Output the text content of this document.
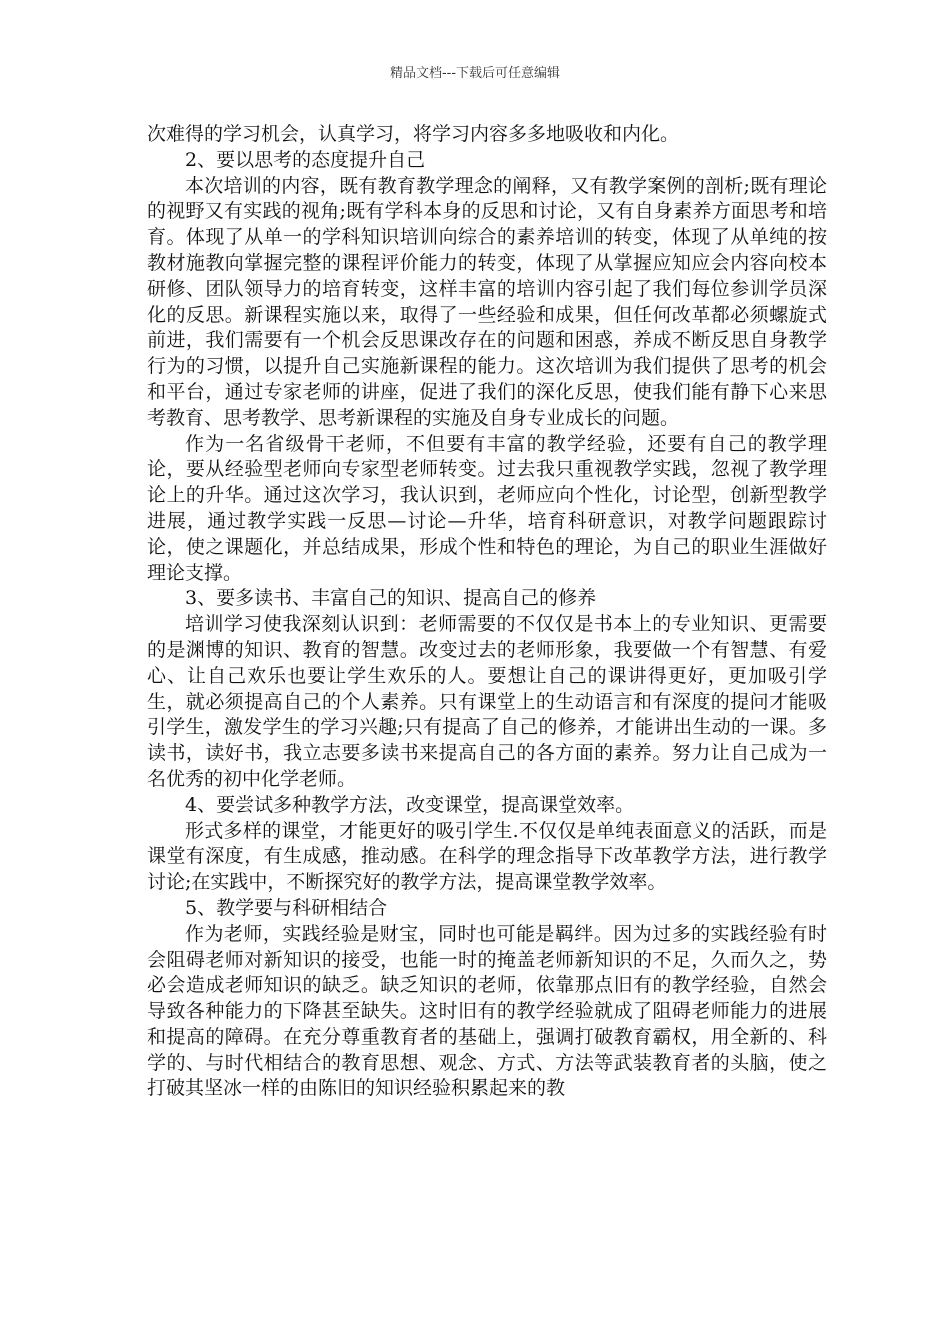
精品文档---下载后可任意编辑

次难得的学习机会，认真学习，将学习内容多多地吸收和内化。

2、要以思考的态度提升自己

本次培训的内容，既有教育教学理念的阐释，又有教学案例的剖析;既有理论的视野又有实践的视角;既有学科本身的反思和讨论，又有自身素养方面思考和培育。体现了从单一的学科知识培训向综合的素养培训的转变，体现了从单纯的按教材施教向掌握完整的课程评价能力的转变，体现了从掌握应知应会内容向校本研修、团队领导力的培育转变，这样丰富的培训内容引起了我们每位参训学员深化的反思。新课程实施以来，取得了一些经验和成果，但任何改革都必须螺旋式前进，我们需要有一个机会反思课改存在的问题和困惑，养成不断反思自身教学行为的习惯，以提升自己实施新课程的能力。这次培训为我们提供了思考的机会和平台，通过专家老师的讲座，促进了我们的深化反思，使我们能有静下心来思考教育、思考教学、思考新课程的实施及自身专业成长的问题。

作为一名省级骨干老师，不但要有丰富的教学经验，还要有自己的教学理论，要从经验型老师向专家型老师转变。过去我只重视教学实践，忽视了教学理论上的升华。通过这次学习，我认识到，老师应向个性化，讨论型，创新型教学进展，通过教学实践一反思—讨论—升华，培育科研意识，对教学问题跟踪讨论，使之课题化，并总结成果，形成个性和特色的理论，为自己的职业生涯做好理论支撑。

3、要多读书、丰富自己的知识、提高自己的修养

培训学习使我深刻认识到：老师需要的不仅仅是书本上的专业知识、更需要的是渊博的知识、教育的智慧。改变过去的老师形象，我要做一个有智慧、有爱心、让自己欢乐也要让学生欢乐的人。要想让自己的课讲得更好，更加吸引学生，就必须提高自己的个人素养。只有课堂上的生动语言和有深度的提问才能吸引学生，激发学生的学习兴趣;只有提高了自己的修养，才能讲出生动的一课。多读书，读好书，我立志要多读书来提高自己的各方面的素养。努力让自己成为一名优秀的初中化学老师。

4、要尝试多种教学方法，改变课堂，提高课堂效率。

形式多样的课堂，才能更好的吸引学生.不仅仅是单纯表面意义的活跃，而是课堂有深度，有生成感，推动感。在科学的理念指导下改革教学方法，进行教学讨论;在实践中，不断探究好的教学方法，提高课堂教学效率。

5、教学要与科研相结合

作为老师，实践经验是财宝，同时也可能是羁绊。因为过多的实践经验有时会阻碍老师对新知识的接受，也能一时的掩盖老师新知识的不足，久而久之，势必会造成老师知识的缺乏。缺乏知识的老师，依靠那点旧有的教学经验，自然会导致各种能力的下降甚至缺失。这时旧有的教学经验就成了阻碍老师能力的进展和提高的障碍。在充分尊重教育者的基础上，强调打破教育霸权，用全新的、科学的、与时代相结合的教育思想、观念、方式、方法等武装教育者的头脑，使之打破其坚冰一样的由陈旧的知识经验积累起来的教
